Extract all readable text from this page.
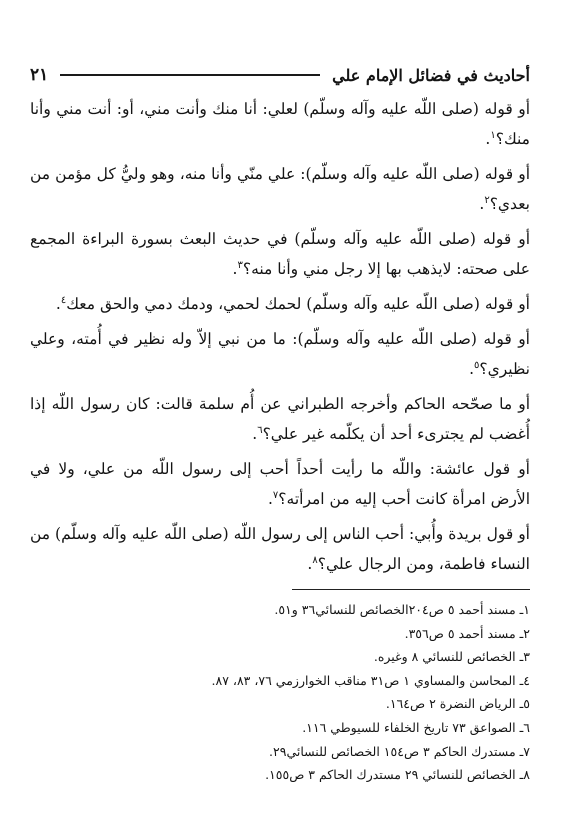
أحاديث في فضائل الإمام علي
٢١

أو قوله (صلى اللّه عليه وآله وسلّم) لعلي: أنا منك وأنت مني، أو: أنت مني وأنا منك؟$^١$.

أو قوله (صلى اللّه عليه وآله وسلّم): علي منّي وأنا منه، وهو وليُّ كل مؤمن من بعدي؟$^٢$.

أو قوله (صلى اللّه عليه وآله وسلّم) في حديث البعث بسورة البراءة المجمع على صحته: لايذهب بها إلا رجل مني وأنا منه؟$^٣$.

أو قوله (صلى اللّه عليه وآله وسلّم) لحمك لحمي، ودمك دمي والحق معك$^٤$.

أو قوله (صلى اللّه عليه وآله وسلّم): ما من نبي إلاّ وله نظير في أُمته، وعلي نظيري؟$^٥$.

أو ما صحّحه الحاكم وأخرجه الطبراني عن أُم سلمة قالت: كان رسول اللّه إذا أُغضب لم يجترىء أحد أن يكلّمه غير علي؟$^٦$.

أو قول عائشة: واللّه ما رأيت أحداً أحب إلى رسول اللّه من علي، ولا في الأرض امرأة كانت أحب إليه من امرأته؟$^٧$.

أو قول بريدة وأُبي: أحب الناس إلى رسول اللّه (صلى اللّه عليه وآله وسلّم) من النساء فاطمة، ومن الرجال علي؟$^٨$.

١ـ مسند أحمد ٥ ص٢٠٤الخصائص للنسائي٣٦ و٥١.
٢ـ مسند أحمد ٥ ص٣٥٦.
٣ـ الخصائص للنسائي ٨ وغيره.
٤ـ المحاسن والمساوي ١ ص٣١ مناقب الخوارزمي ٧٦، ٨٣، ٨٧.
٥ـ الرياض النضرة ٢ ص١٦٤.
٦ـ الصواعق ٧٣ تاريخ الخلفاء للسيوطي ١١٦.
٧ـ مستدرك الحاكم ٣ ص١٥٤ الخصائص للنسائي٢٩.
٨ـ الخصائص للنسائي ٢٩ مستدرك الحاكم ٣ ص١٥٥.
